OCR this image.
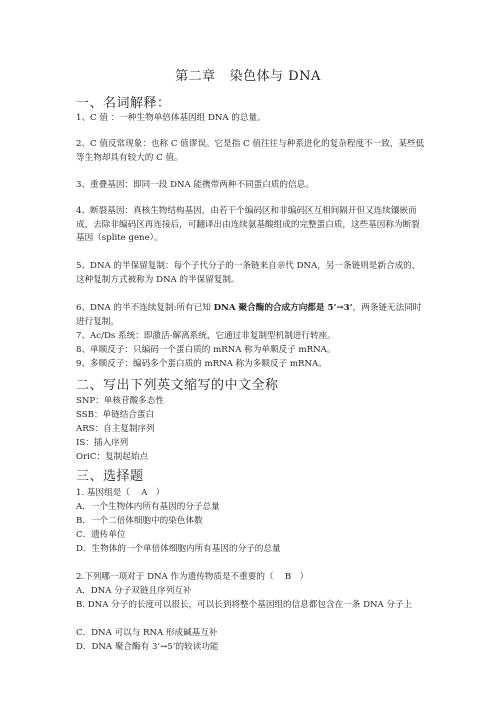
第二章 染色体与 DNA
一、名词解释：
1、C 值 ：一种生物单倍体基因组 DNA 的总量。
2、C 值反常现象：也称 C 值谬误。它是指 C 值往往与种系进化的复杂程度不一致，某些低等生物却具有较大的 C 值。
3、重叠基因：即同一段 DNA 能携带两种不同蛋白质的信息。
4、断裂基因：真核生物结构基因，由若干个编码区和非编码区互相间隔开但又连续镶嵌而成，去除非编码区再连接后，可翻译出由连续氨基酸组成的完整蛋白质，这些基因称为断裂基因（splite gene）。
5、DNA 的半保留复制：每个子代分子的一条链来自亲代 DNA，另一条链则是新合成的，这种复制方式被称为 DNA 的半保留复制。
6、DNA 的半不连续复制:所有已知 DNA 聚合酶的合成方向都是 5’→3’，两条链无法同时进行复制。
7、Ac/Ds 系统：即激活-解离系统，它通过非复制型机制进行转座。
8、单顺反子：只编码一个蛋白质的 mRNA 称为单顺反子 mRNA。
9、多顺反子：编码多个蛋白质的 mRNA 称为多顺反子 mRNA。
二、写出下列英文缩写的中文全称
SNP：单核苷酸多态性
SSB：单链结合蛋白
ARS：自主复制序列
IS：插入序列
OriC：复制起始点
三、选择题
1. 基因组是（　 A　）
A．一个生物体内所有基因的分子总量
B．一个二倍体细胞中的染色体数
C．遗传单位
D．生物体的一个单倍体细胞内所有基因的分子的总量
2.下列哪一项对于 DNA 作为遗传物质是不重要的（　 B　）
A．DNA 分子双链且序列互补
B. DNA 分子的长度可以很长，可以长到将整个基因组的信息都包含在一条 DNA 分子上
C．DNA 可以与 RNA 形成碱基互补
D．DNA 聚合酶有 3’→5’的较读功能
